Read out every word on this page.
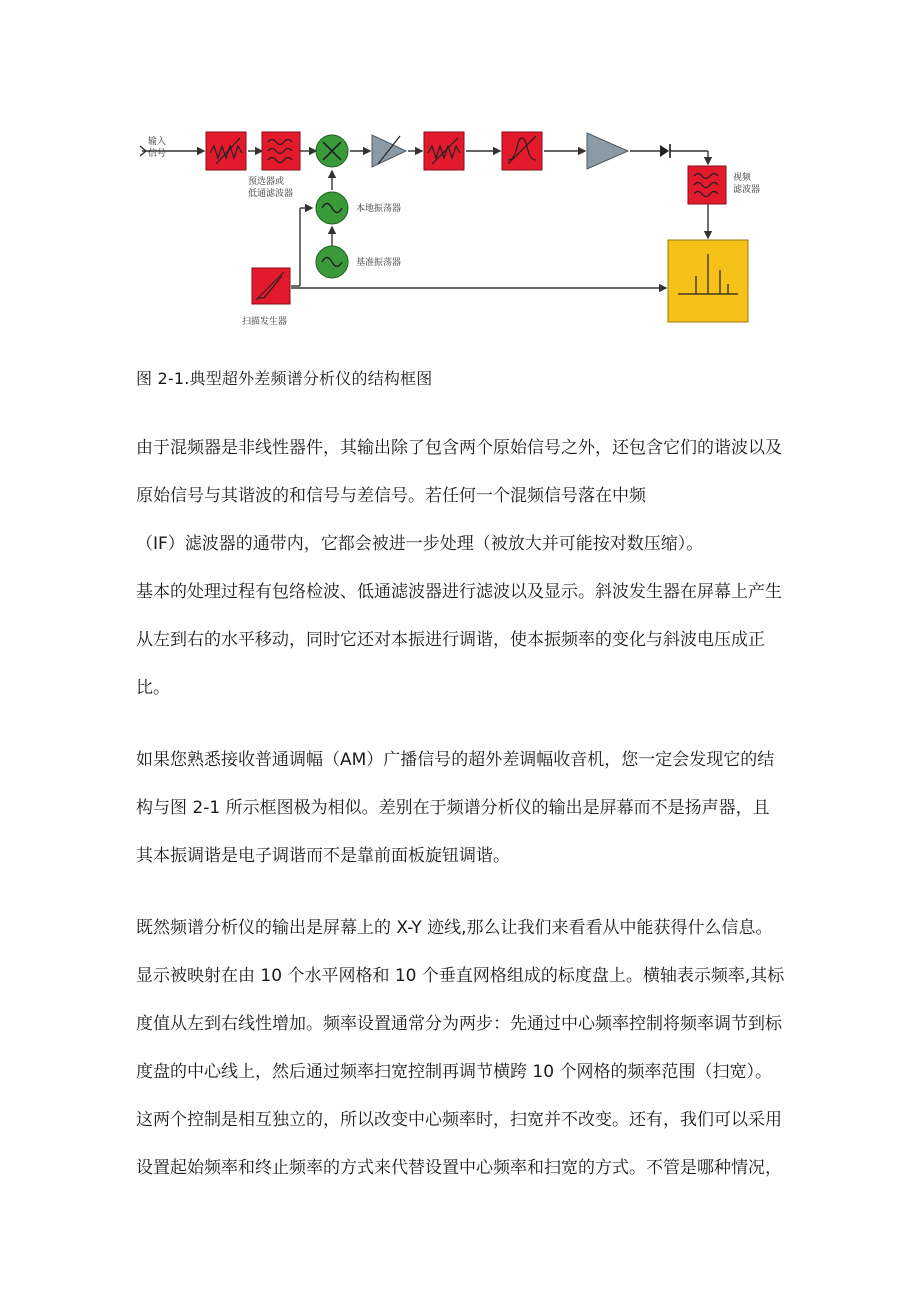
输入
信号
预选器或
低通滤波器
视频
滤波器
本地振荡器
基准振荡器
扫描发生器
图 2-1.典型超外差频谱分析仪的结构框图
由于混频器是非线性器件，其输出除了包含两个原始信号之外，还包含它们的谐波以及
原始信号与其谐波的和信号与差信号。若任何一个混频信号落在中频
（IF）滤波器的通带内，它都会被进一步处理（被放大并可能按对数压缩）。
基本的处理过程有包络检波、低通滤波器进行滤波以及显示。斜波发生器在屏幕上产生
从左到右的水平移动，同时它还对本振进行调谐，使本振频率的变化与斜波电压成正
比。
如果您熟悉接收普通调幅（AM）广播信号的超外差调幅收音机，您一定会发现它的结
构与图 2-1 所示框图极为相似。差别在于频谱分析仪的输出是屏幕而不是扬声器，且
其本振调谐是电子调谐而不是靠前面板旋钮调谐。
既然频谱分析仪的输出是屏幕上的 X-Y 迹线,那么让我们来看看从中能获得什么信息。
显示被映射在由 10 个水平网格和 10 个垂直网格组成的标度盘上。横轴表示频率,其标
度值从左到右线性增加。频率设置通常分为两步：先通过中心频率控制将频率调节到标
度盘的中心线上，然后通过频率扫宽控制再调节横跨 10 个网格的频率范围（扫宽）。
这两个控制是相互独立的，所以改变中心频率时，扫宽并不改变。还有，我们可以采用
设置起始频率和终止频率的方式来代替设置中心频率和扫宽的方式。不管是哪种情况，
